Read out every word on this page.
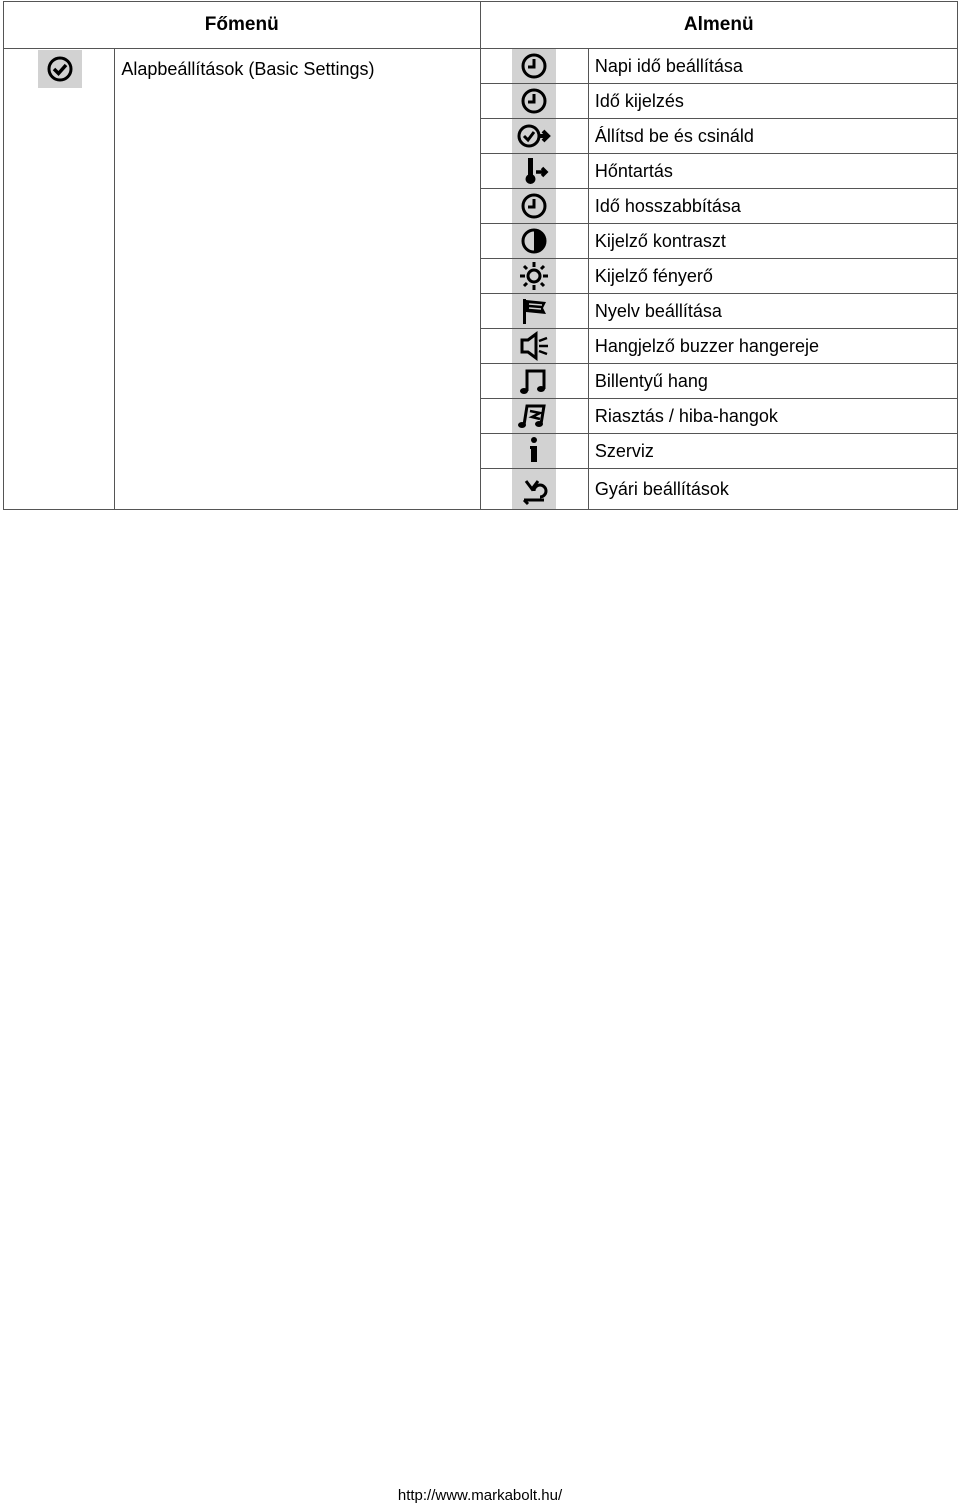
Főmenü		Almenü	

Alapbeállítások (Basic Settings)		Napi idő beállítása

Idő kijelzés

Állítsd be és csináld

Hőntartás

Idő hosszabbítása

Kijelző kontraszt

Kijelző fényerő

Nyelv beállítása

Hangjelző buzzer hangereje

Billentyű hang

Riasztás / hiba-hangok

Szerviz

Gyári beállítások
http://www.markabolt.hu/
